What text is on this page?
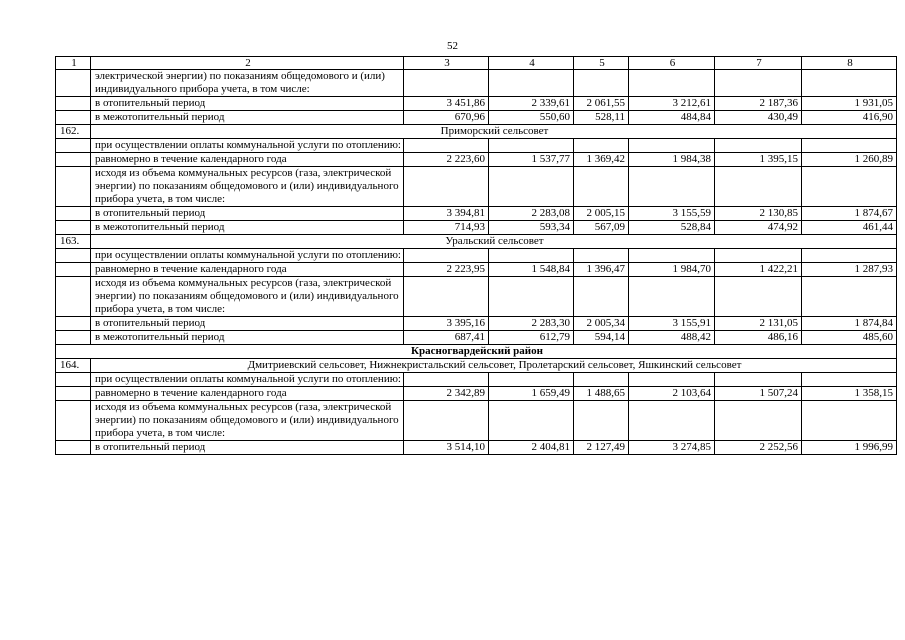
52
1	2	3	4	5	6	7	8
	электрической энергии) по показаниям общедомового и (или) индивидуального прибора учета, в том числе:						
	в отопительный период	3 451,86	2 339,61	2 061,55	3 212,61	2 187,36	1 931,05
	в межотопительный период	670,96	550,60	528,11	484,84	430,49	416,90
162.	Приморский сельсовет						
	при осуществлении оплаты коммунальной услуги по отоплению:						
	равномерно в течение календарного года	2 223,60	1 537,77	1 369,42	1 984,38	1 395,15	1 260,89
	исходя из объема коммунальных ресурсов (газа, электрической энергии) по показаниям общедомового и (или) индивидуального прибора учета, в том числе:						
	в отопительный период	3 394,81	2 283,08	2 005,15	3 155,59	2 130,85	1 874,67
	в межотопительный период	714,93	593,34	567,09	528,84	474,92	461,44
163.	Уральский сельсовет						
	при осуществлении оплаты коммунальной услуги по отоплению:						
	равномерно в течение календарного года	2 223,95	1 548,84	1 396,47	1 984,70	1 422,21	1 287,93
	исходя из объема коммунальных ресурсов (газа, электрической энергии) по показаниям общедомового и (или) индивидуального прибора учета, в том числе:						
	в отопительный период	3 395,16	2 283,30	2 005,34	3 155,91	2 131,05	1 874,84
	в межотопительный период	687,41	612,79	594,14	488,42	486,16	485,60
Красногвардейский район							
164.	Дмитриевский сельсовет, Нижнекристальский сельсовет, Пролетарский сельсовет, Яшкинский сельсовет						
	при осуществлении оплаты коммунальной услуги по отоплению:						
	равномерно в течение календарного года	2 342,89	1 659,49	1 488,65	2 103,64	1 507,24	1 358,15
	исходя из объема коммунальных ресурсов (газа, электрической энергии) по показаниям общедомового и (или) индивидуального прибора учета, в том числе:						
	в отопительный период	3 514,10	2 404,81	2 127,49	3 274,85	2 252,56	1 996,99
